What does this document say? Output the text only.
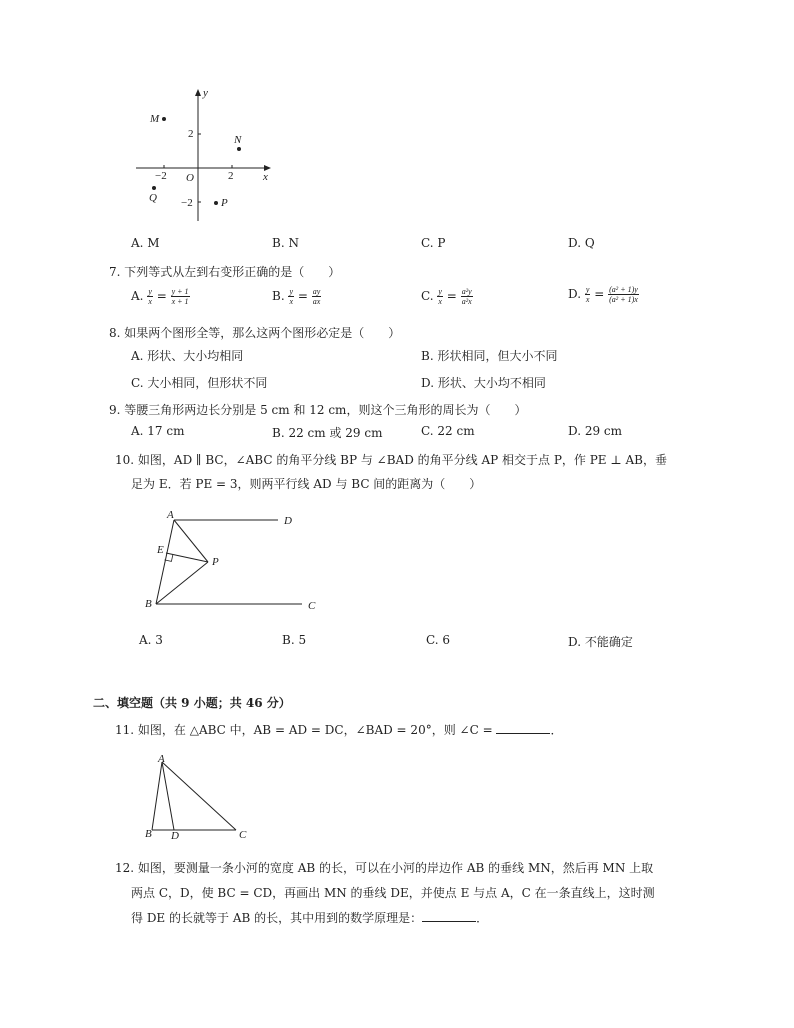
x
y
O
−2	2
2
−2
M
N
Q	P
A. M	B. N	C. P	D. Q
7. 下列等式从左到右变形正确的是（　　）
A. $\frac{y}{x} = \frac{y + 1}{x + 1}$	B. $\frac{y}{x} = \frac{ay}{ax}$	C. $\frac{y}{x} = \frac{\text{a²y}}{\text{a²x}}$	D. $\frac{y}{x} = \frac{\text{(a² + 1)y}}{\text{(a² + 1)x}}$
8. 如果两个图形全等，那么这两个图形必定是（　　）
A. 形状、大小均相同	B. 形状相同，但大小不同
C. 大小相同，但形状不同	D. 形状、大小均不相同
9. 等腰三角形两边长分别是 5 cm 和 12 cm，则这个三角形的周长为（　　）
A. 17 cm	B. 22 cm 或 29 cm	C. 22 cm	D. 29 cm
10. 如图，AD ∥ BC，∠ABC 的角平分线 BP 与 ∠BAD 的角平分线 AP 相交于点 P，作 PE ⊥ AB，垂
足为 E．若 PE = 3，则两平行线 AD 与 BC 间的距离为（　　）
A	D
E
P
B	C
A. 3	B. 5	C. 6	D. 不能确定
二、填空题（共 9 小题；共 46 分）
11. 如图，在 △ABC 中，AB = AD = DC，∠BAD = 20°，则 ∠C =	．
A
B D	C
12. 如图，要测量一条小河的宽度 AB 的长，可以在小河的岸边作 AB 的垂线 MN，然后再 MN 上取
两点 C，D，使 BC = CD，再画出 MN 的垂线 DE，并使点 E 与点 A，C 在一条直线上，这时测
得 DE 的长就等于 AB 的长，其中用到的数学原理是：	．
